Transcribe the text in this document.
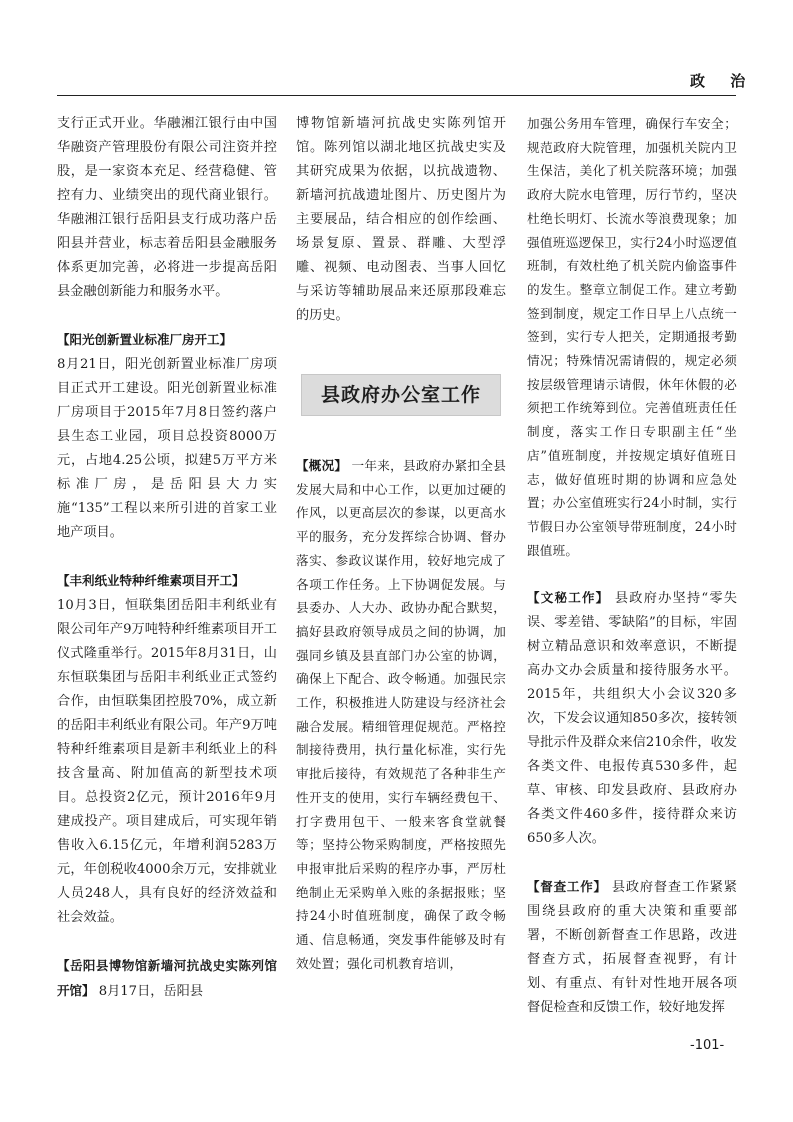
政 治

支行正式开业。华融湘江银行由中国华融资产管理股份有限公司注资并控股，是一家资本充足、经营稳健、管控有力、业绩突出的现代商业银行。华融湘江银行岳阳县支行成功落户岳阳县并营业，标志着岳阳县金融服务体系更加完善，必将进一步提高岳阳县金融创新能力和服务水平。

【阳光创新置业标准厂房开工】
8月21日，阳光创新置业标准厂房项目正式开工建设。阳光创新置业标准厂房项目于2015年7月8日签约落户县生态工业园，项目总投资8000万元，占地4.25公顷，拟建5万平方米标准厂房，是岳阳县大力实施“135”工程以来所引进的首家工业地产项目。

【丰利纸业特种纤维素项目开工】
10月3日，恒联集团岳阳丰利纸业有限公司年产9万吨特种纤维素项目开工仪式隆重举行。2015年8月31日，山东恒联集团与岳阳丰利纸业正式签约合作，由恒联集团控股70%，成立新的岳阳丰利纸业有限公司。年产9万吨特种纤维素项目是新丰利纸业上的科技含量高、附加值高的新型技术项目。总投资2亿元，预计2016年9月建成投产。项目建成后，可实现年销售收入6.15亿元，年增利润5283万元，年创税收4000余万元，安排就业人员248人，具有良好的经济效益和社会效益。

【岳阳县博物馆新墙河抗战史实陈列馆开馆】 8月17日，岳阳县

博物馆新墙河抗战史实陈列馆开馆。陈列馆以湖北地区抗战史实及其研究成果为依据，以抗战遗物、新墙河抗战遗址图片、历史图片为主要展品，结合相应的创作绘画、场景复原、置景、群雕、大型浮雕、视频、电动图表、当事人回忆与采访等辅助展品来还原那段难忘的历史。

县政府办公室工作

【概况】 一年来，县政府办紧扣全县发展大局和中心工作，以更加过硬的作风，以更高层次的参谋，以更高水平的服务，充分发挥综合协调、督办落实、参政议谋作用，较好地完成了各项工作任务。上下协调促发展。与县委办、人大办、政协办配合默契，搞好县政府领导成员之间的协调，加强同乡镇及县直部门办公室的协调，确保上下配合、政令畅通。加强民宗工作，积极推进人防建设与经济社会融合发展。精细管理促规范。严格控制接待费用，执行量化标准，实行先审批后接待，有效规范了各种非生产性开支的使用，实行车辆经费包干、打字费用包干、一般来客食堂就餐等；坚持公物采购制度，严格按照先申报审批后采购的程序办事，严厉杜绝制止无采购单入账的条据报账；坚持24小时值班制度，确保了政令畅通、信息畅通，突发事件能够及时有效处置；强化司机教育培训，

加强公务用车管理，确保行车安全；规范政府大院管理，加强机关院内卫生保洁，美化了机关院落环境；加强政府大院水电管理，厉行节约，坚决杜绝长明灯、长流水等浪费现象；加强值班巡逻保卫，实行24小时巡逻值班制，有效杜绝了机关院内偷盗事件的发生。整章立制促工作。建立考勤签到制度，规定工作日早上八点统一签到，实行专人把关，定期通报考勤情况；特殊情况需请假的，规定必须按层级管理请示请假，休年休假的必须把工作统筹到位。完善值班责任任制度，落实工作日专职副主任“坐店”值班制度，并按规定填好值班日志，做好值班时期的协调和应急处置；办公室值班实行24小时制，实行节假日办公室领导带班制度，24小时跟值班。

【文秘工作】 县政府办坚持“零失误、零差错、零缺陷”的目标，牢固树立精品意识和效率意识，不断提高办文办会质量和接待服务水平。2015年，共组织大小会议320多次，下发会议通知850多次，接转领导批示件及群众来信210余件，收发各类文件、电报传真530多件，起草、审核、印发县政府、县政府办各类文件460多件，接待群众来访650多人次。

【督查工作】 县政府督查工作紧紧围绕县政府的重大决策和重要部署，不断创新督查工作思路，改进督查方式，拓展督查视野，有计划、有重点、有针对性地开展各项督促检查和反馈工作，较好地发挥

-101-
